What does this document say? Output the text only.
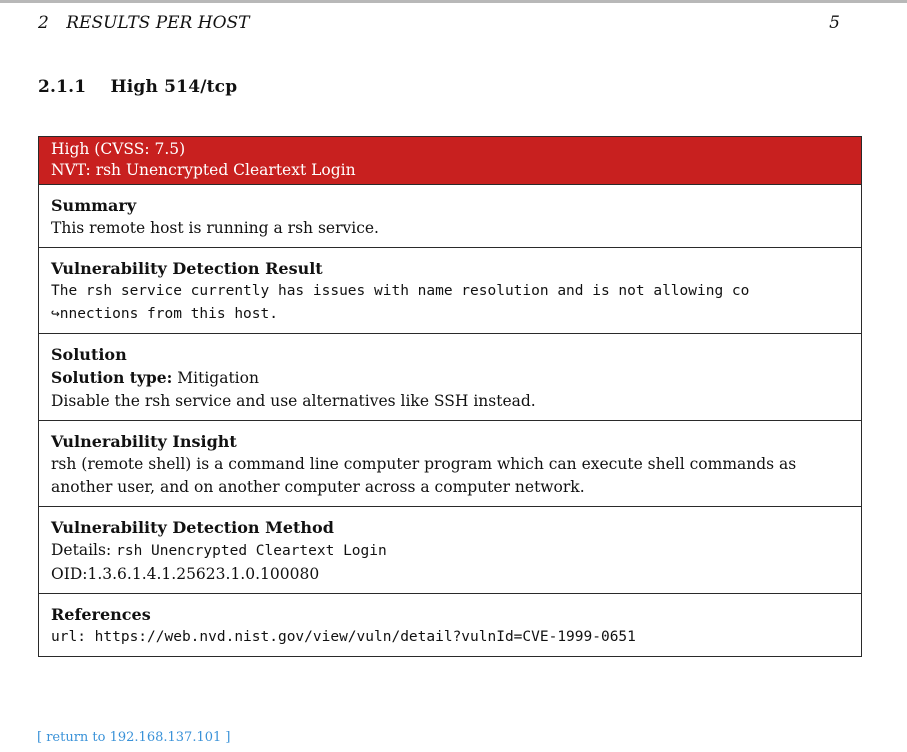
2 RESULTS PER HOST	5
2.1.1 High 514/tcp
High (CVSS: 7.5)
NVT: rsh Unencrypted Cleartext Login
Summary
This remote host is running a rsh service.
Vulnerability Detection Result
The rsh service currently has issues with name resolution and is not allowing co
↪nnections from this host.
Solution
Solution type: Mitigation
Disable the rsh service and use alternatives like SSH instead.
Vulnerability Insight
rsh (remote shell) is a command line computer program which can execute shell commands as
another user, and on another computer across a computer network.
Vulnerability Detection Method
Details: rsh Unencrypted Cleartext Login
OID:1.3.6.1.4.1.25623.1.0.100080
References
url: https://web.nvd.nist.gov/view/vuln/detail?vulnId=CVE-1999-0651
[ return to 192.168.137.101 ]
